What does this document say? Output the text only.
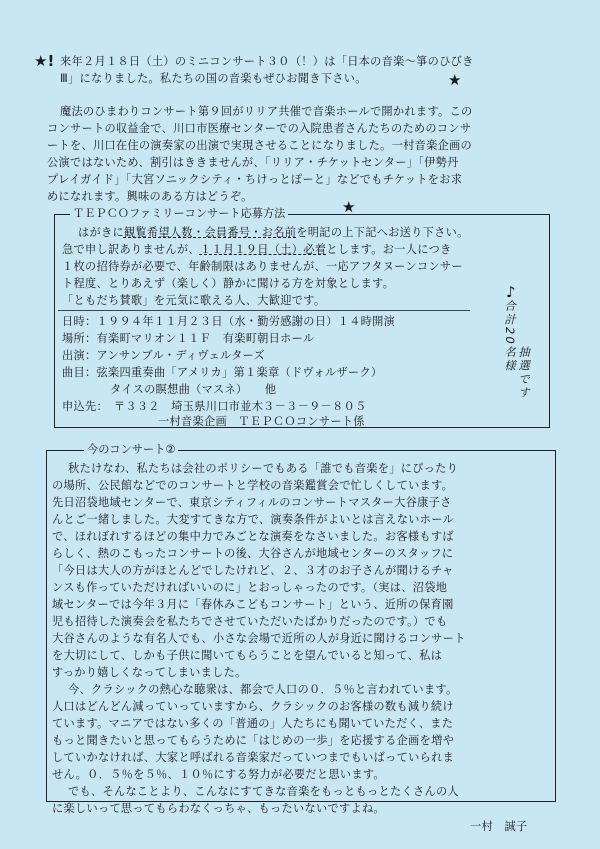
★!
★
★
♪
来年２月１８日（土）のミニコンサート３０（！）は「日本の音楽～箏のひびき
Ⅲ」になりました。私たちの国の音楽もぜひお聞き下さい。
魔法のひまわりコンサート第９回がリリア共催で音楽ホールで開かれます。この
コンサートの収益金で、川口市医療センターでの入院患者さんたちのためのコンサ
ートを、川口在住の演奏家の出演で実現させることになりました。一村音楽企画の
公演ではないため、割引はききませんが、「リリア・チケットセンター」「伊勢丹
プレイガイド」「大宮ソニックシティ・ちけっとぽーと」などでもチケットをお求
めになれます。興味のある方はどうぞ。
ＴＥＰＣＯファミリーコンサート応募方法
はがきに観覧希望人数・会員番号・お名前を明記の上下記へお送り下さい。
急で申し訳ありませんが、１１月１９日（土）必着とします。お一人につき
１枚の招待券が必要で、年齢制限はありませんが、一応アフタヌーンコンサー
ト程度、とりあえず（楽しく）静かに聞ける方を対象とします。
「ともだち賛歌」を元気に歌える人、大歓迎です。
日時：１９９４年１１月２３日（水・勤労感謝の日）１４時開演
場所：有楽町マリオン１１Ｆ　有楽町朝日ホール
出演：アンサンブル・ディヴェルターズ
曲目：弦楽四重奏曲「アメリカ」第１楽章（ドヴォルザーク）
タイスの瞑想曲（マスネ）　　他
申込先：　〒３３２　埼玉県川口市並木３－３－９－８０５
一村音楽企画　ＴＥＰＣＯコンサート係
合計20名様
抽選です
今のコンサート②
秋たけなわ、私たちは会社のポリシーでもある「誰でも音楽を」にぴったり
の場所、公民館などでのコンサートと学校の音楽鑑賞会で忙しくしています。
先日沼袋地域センターで、東京シティフィルのコンサートマスター大谷康子さ
んとご一緒しました。大変すてきな方で、演奏条件がよいとは言えないホール
で、ほれぼれするほどの集中力でみごとな演奏をなさいました。お客様もすば
らしく、熱のこもったコンサートの後、大谷さんが地域センターのスタッフに
「今日は大人の方がほとんどでしたけれど、２、３才のお子さんが聞けるチャ
ンスも作っていただければいいのに」とおっしゃったのです。（実は、沼袋地
域センターでは今年３月に「春休みこどもコンサート」という、近所の保育園
児も招待した演奏会を私たちでさせていただいたばかりだったのです。）でも
大谷さんのような有名人でも、小さな会場で近所の人が身近に聞けるコンサート
を大切にして、しかも子供に聞いてもらうことを望んでいると知って、私は
すっかり嬉しくなってしまいました。
今、クラシックの熱心な聴衆は、都会で人口の０．５％と言われています。
人口はどんどん減っていっていますから、クラシックのお客様の数も減り続け
ています。マニアではない多くの「普通の」人たちにも聞いていただく、また
もっと聞きたいと思ってもらうために「はじめの一歩」を応援する企画を増や
していかなければ、大家と呼ばれる音楽家だっていつまでもいばっていられま
せん。０．５％を５％、１０％にする努力が必要だと思います。
でも、そんなことより、こんなにすてきな音楽をもっともっとたくさんの人
に楽しいって思ってもらわなくっちゃ、もったいないですよね。
一村　誠子
